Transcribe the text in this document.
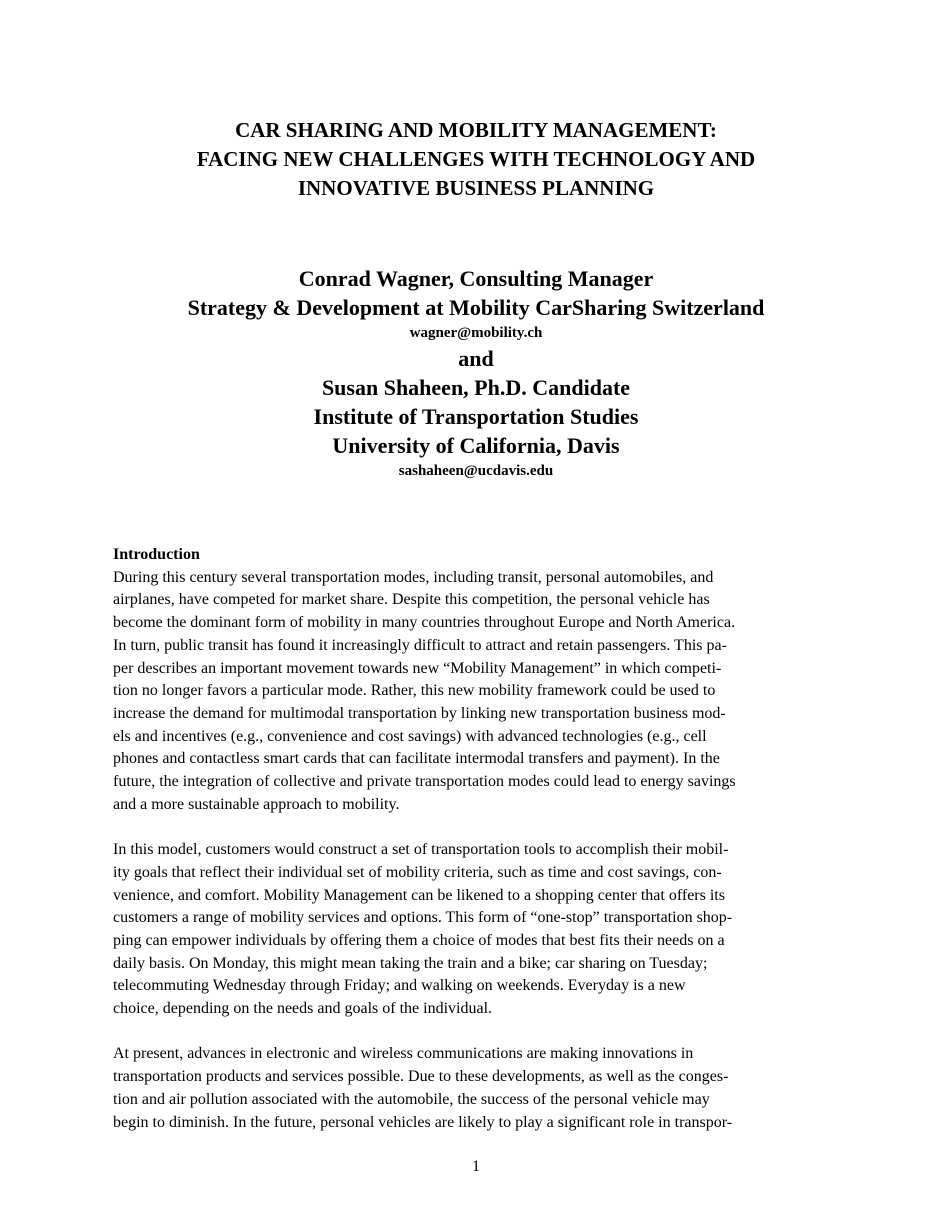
CAR SHARING AND MOBILITY MANAGEMENT:
FACING NEW CHALLENGES WITH TECHNOLOGY AND
INNOVATIVE BUSINESS PLANNING
Conrad Wagner, Consulting Manager
Strategy & Development at Mobility CarSharing Switzerland
wagner@mobility.ch
and
Susan Shaheen, Ph.D. Candidate
Institute of Transportation Studies
University of California, Davis
sashaheen@ucdavis.edu
Introduction

During this century several transportation modes, including transit, personal automobiles, and
airplanes, have competed for market share. Despite this competition, the personal vehicle has
become the dominant form of mobility in many countries throughout Europe and North America.
In turn, public transit has found it increasingly difficult to attract and retain passengers. This pa-
per describes an important movement towards new “Mobility Management” in which competi-
tion no longer favors a particular mode. Rather, this new mobility framework could be used to
increase the demand for multimodal transportation by linking new transportation business mod-
els and incentives (e.g., convenience and cost savings) with advanced technologies (e.g., cell
phones and contactless smart cards that can facilitate intermodal transfers and payment). In the
future, the integration of collective and private transportation modes could lead to energy savings
and a more sustainable approach to mobility.

In this model, customers would construct a set of transportation tools to accomplish their mobil-
ity goals that reflect their individual set of mobility criteria, such as time and cost savings, con-
venience, and comfort. Mobility Management can be likened to a shopping center that offers its
customers a range of mobility services and options. This form of “one-stop” transportation shop-
ping can empower individuals by offering them a choice of modes that best fits their needs on a
daily basis. On Monday, this might mean taking the train and a bike; car sharing on Tuesday;
telecommuting Wednesday through Friday; and walking on weekends. Everyday is a new
choice, depending on the needs and goals of the individual.

At present, advances in electronic and wireless communications are making innovations in
transportation products and services possible. Due to these developments, as well as the conges-
tion and air pollution associated with the automobile, the success of the personal vehicle may
begin to diminish. In the future, personal vehicles are likely to play a significant role in transpor-

1
